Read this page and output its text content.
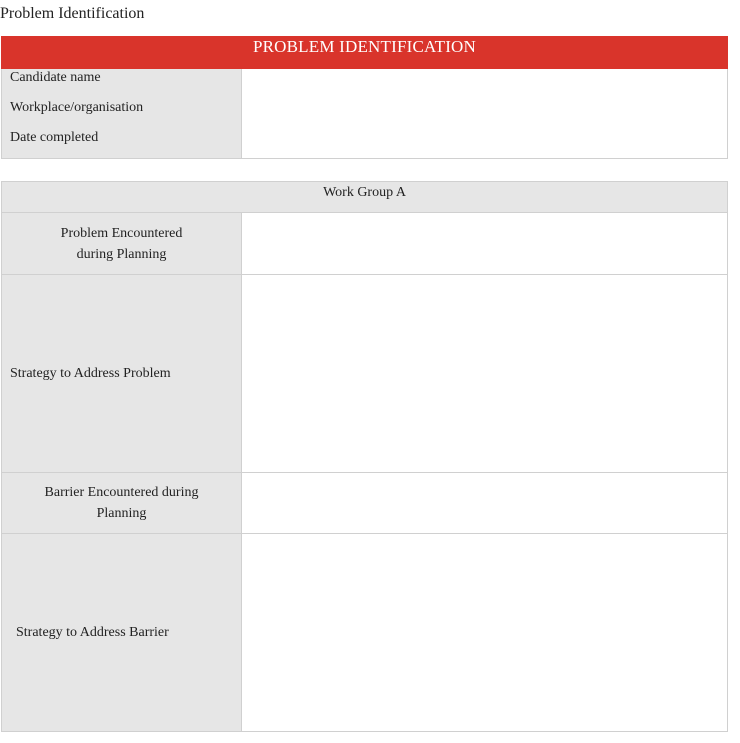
Problem Identification
PROBLEM IDENTIFICATION
Candidate name
Workplace/organisation
Date completed
Work Group A
Problem Encountered
during Planning
Strategy to Address Problem
Barrier Encountered during
Planning
Strategy to Address Barrier
